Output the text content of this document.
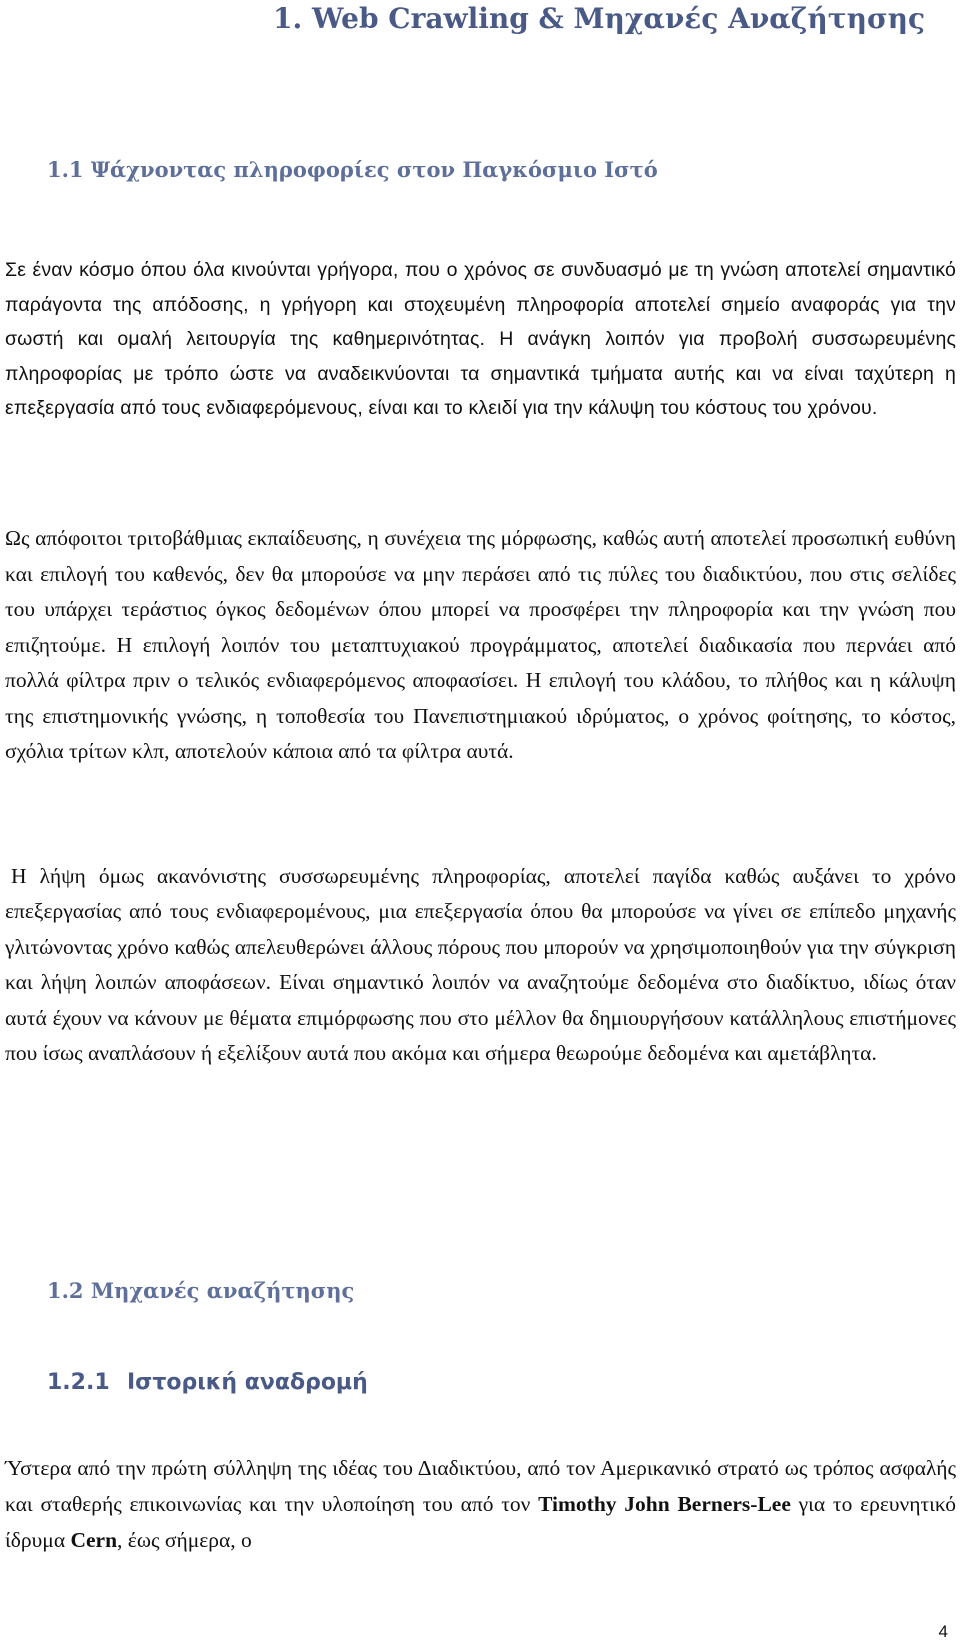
1. Web Crawling & Μηχανές Αναζήτησης
1.1 Ψάχνοντας πληροφορίες στον Παγκόσμιο Ιστό

Σε έναν κόσμο όπου όλα κινούνται γρήγορα, που ο χρόνος σε συνδυασμό με τη γνώση αποτελεί σημαντικό παράγοντα της απόδοσης, η γρήγορη και στοχευμένη πληροφορία αποτελεί σημείο αναφοράς για την σωστή και ομαλή λειτουργία της καθημερινότητας. Η ανάγκη λοιπόν για προβολή συσσωρευμένης πληροφορίας με τρόπο ώστε να αναδεικνύονται τα σημαντικά τμήματα αυτής και να είναι ταχύτερη η επεξεργασία από τους ενδιαφερόμενους, είναι και το κλειδί για την κάλυψη του κόστους του χρόνου.

Ως απόφοιτοι τριτοβάθμιας εκπαίδευσης, η συνέχεια της μόρφωσης, καθώς αυτή αποτελεί προσωπική ευθύνη και επιλογή του καθενός, δεν θα μπορούσε να μην περάσει από τις πύλες του διαδικτύου, που στις σελίδες του υπάρχει τεράστιος όγκος δεδομένων όπου μπορεί να προσφέρει την πληροφορία και την γνώση που επιζητούμε. Η επιλογή λοιπόν του μεταπτυχιακού προγράμματος, αποτελεί διαδικασία που περνάει από πολλά φίλτρα πριν ο τελικός ενδιαφερόμενος αποφασίσει. Η επιλογή του κλάδου, το πλήθος και η κάλυψη της επιστημονικής γνώσης, η τοποθεσία του Πανεπιστημιακού ιδρύματος, ο χρόνος φοίτησης, το κόστος, σχόλια τρίτων κλπ, αποτελούν κάποια από τα φίλτρα αυτά.

Η λήψη όμως ακανόνιστης συσσωρευμένης πληροφορίας, αποτελεί παγίδα καθώς αυξάνει το χρόνο επεξεργασίας από τους ενδιαφερομένους, μια επεξεργασία όπου θα μπορούσε να γίνει σε επίπεδο μηχανής γλιτώνοντας χρόνο καθώς απελευθερώνει άλλους πόρους που μπορούν να χρησιμοποιηθούν για την σύγκριση και λήψη λοιπών αποφάσεων. Είναι σημαντικό λοιπόν να αναζητούμε δεδομένα στο διαδίκτυο, ιδίως όταν αυτά έχουν να κάνουν με θέματα επιμόρφωσης που στο μέλλον θα δημιουργήσουν κατάλληλους επιστήμονες που ίσως αναπλάσουν ή εξελίξουν αυτά που ακόμα και σήμερα θεωρούμε δεδομένα και αμετάβλητα.

1.2 Μηχανές αναζήτησης
1.2.1 Ιστορική αναδρομή

Ύστερα από την πρώτη σύλληψη της ιδέας του Διαδικτύου, από τον Αμερικανικό στρατό ως τρόπος ασφαλής και σταθερής επικοινωνίας και την υλοποίηση του από τον Timothy John Berners-Lee για το ερευνητικό ίδρυμα Cern, έως σήμερα, ο

4
